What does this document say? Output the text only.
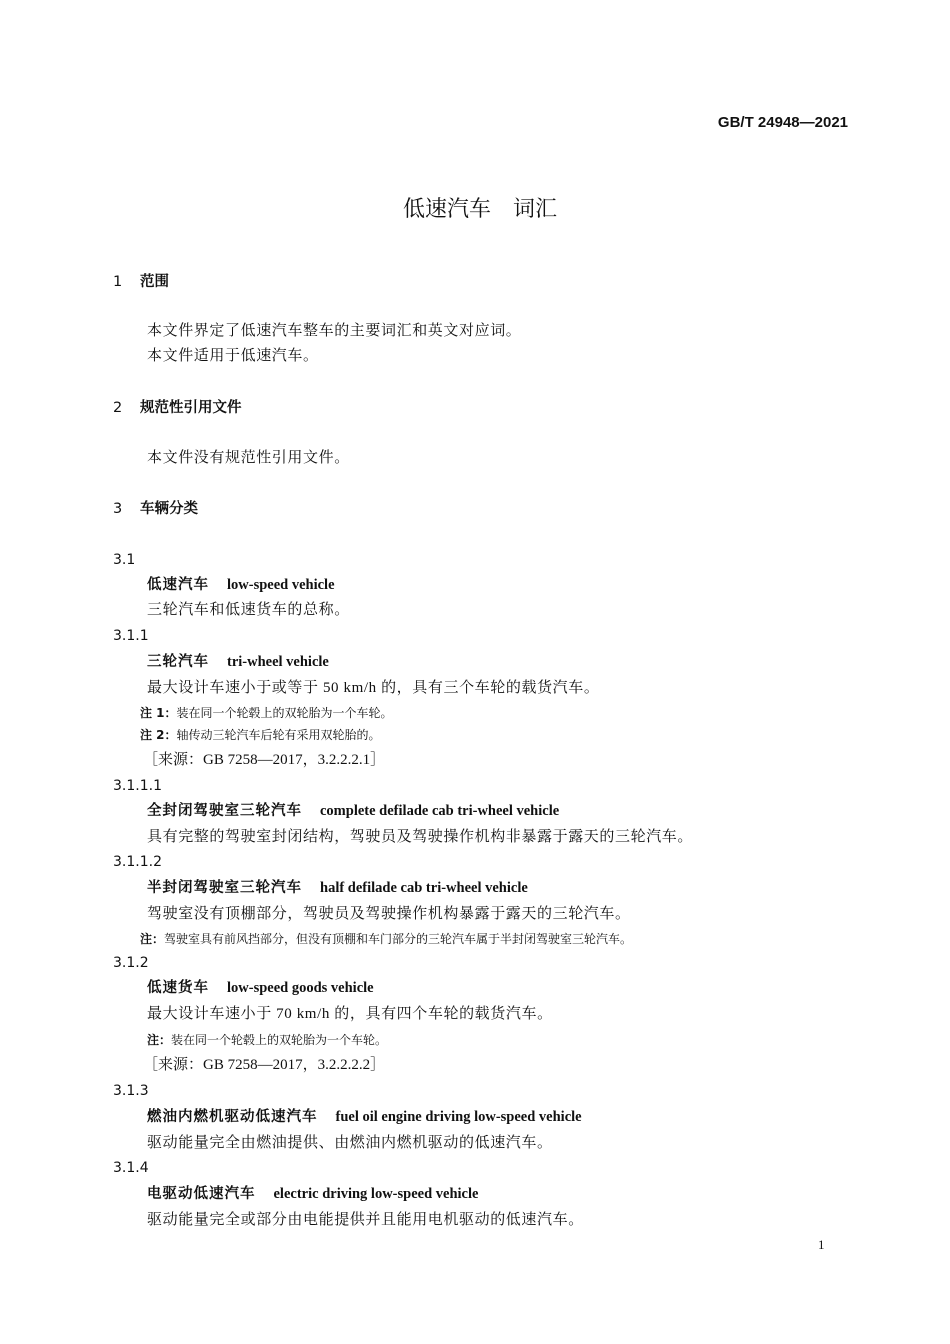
GB/T 24948—2021
低速汽车　词汇
1 范围
本文件界定了低速汽车整车的主要词汇和英文对应词。
本文件适用于低速汽车。
2 规范性引用文件
本文件没有规范性引用文件。
3 车辆分类
3.1
低速汽车 low-speed vehicle
三轮汽车和低速货车的总称。
3.1.1
三轮汽车 tri-wheel vehicle
最大设计车速小于或等于 50 km/h 的，具有三个车轮的载货汽车。
注 1：装在同一个轮毂上的双轮胎为一个车轮。
注 2：轴传动三轮汽车后轮有采用双轮胎的。
［来源：GB 7258—2017，3.2.2.2.1］
3.1.1.1
全封闭驾驶室三轮汽车 complete defilade cab tri-wheel vehicle
具有完整的驾驶室封闭结构，驾驶员及驾驶操作机构非暴露于露天的三轮汽车。
3.1.1.2
半封闭驾驶室三轮汽车 half defilade cab tri-wheel vehicle
驾驶室没有顶棚部分，驾驶员及驾驶操作机构暴露于露天的三轮汽车。
注：驾驶室具有前风挡部分，但没有顶棚和车门部分的三轮汽车属于半封闭驾驶室三轮汽车。
3.1.2
低速货车 low-speed goods vehicle
最大设计车速小于 70 km/h 的，具有四个车轮的载货汽车。
注：装在同一个轮毂上的双轮胎为一个车轮。
［来源：GB 7258—2017，3.2.2.2.2］
3.1.3
燃油内燃机驱动低速汽车 fuel oil engine driving low-speed vehicle
驱动能量完全由燃油提供、由燃油内燃机驱动的低速汽车。
3.1.4
电驱动低速汽车 electric driving low-speed vehicle
驱动能量完全或部分由电能提供并且能用电机驱动的低速汽车。
1
